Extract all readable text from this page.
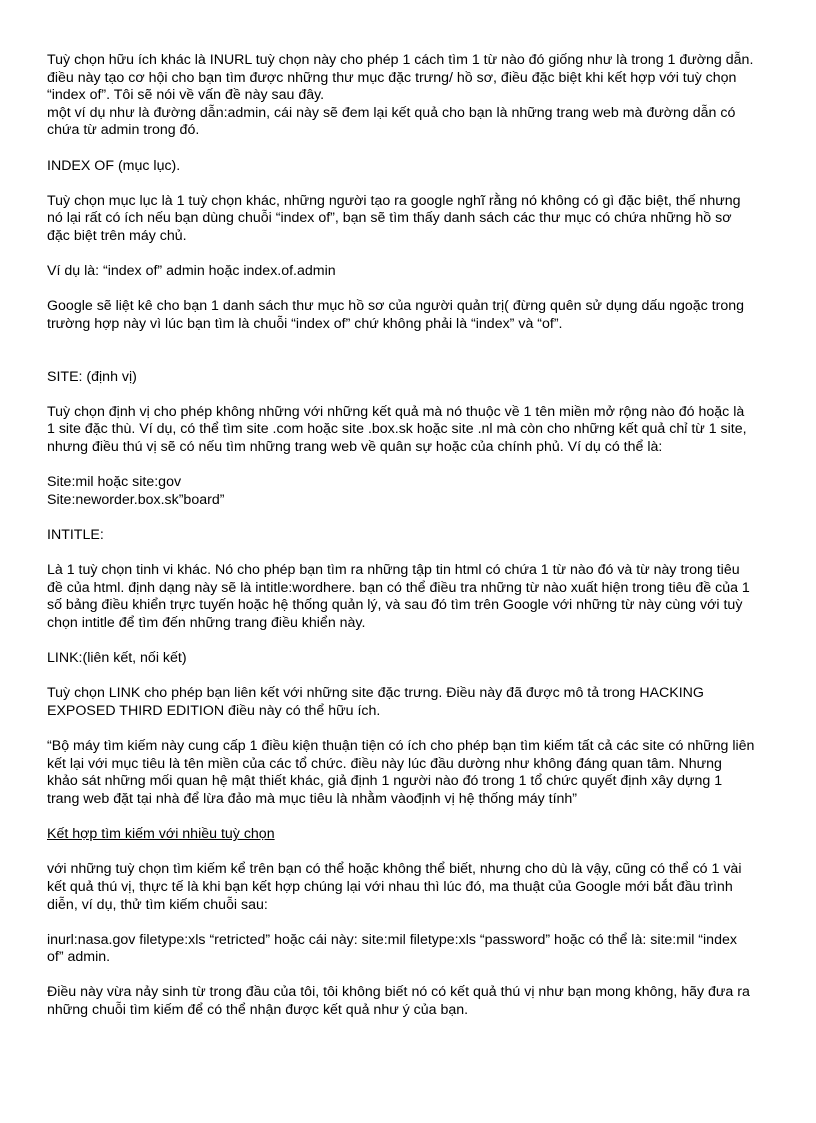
Tuỳ chọn hữu ích khác là INURL tuỳ chọn này cho phép 1 cách tìm 1 từ nào đó giống như là trong 1 đường dẫn.
điều này tạo cơ hội cho bạn tìm được những thư mục đặc trưng/ hồ sơ, điều đặc biệt khi kết hợp với tuỳ chọn
“index of”. Tôi sẽ nói về vấn đề này sau đây.
một ví dụ như là đường dẫn:admin, cái này sẽ đem lại kết quả cho bạn là những trang web mà đường dẫn có
chứa từ admin trong đó.

INDEX OF (mục lục).

Tuỳ chọn mục lục là 1 tuỳ chọn khác, những người tạo ra google nghĩ rằng nó không có gì đặc biệt, thế nhưng
nó lại rất có ích nếu bạn dùng chuỗi “index of”, bạn sẽ tìm thấy danh sách các thư mục có chứa những hồ sơ
đặc biệt trên máy chủ.

Ví dụ là: “index of” admin hoặc index.of.admin

Google sẽ liệt kê cho bạn 1 danh sách thư mục hồ sơ của người quản trị( đừng quên sử dụng dấu ngoặc trong
trường hợp này vì lúc bạn tìm là chuỗi “index of” chứ không phải là “index” và “of”.

SITE: (định vị)

Tuỳ chọn định vị cho phép không những với những kết quả mà nó thuộc về 1 tên miền mở rộng nào đó hoặc là
1 site đặc thù. Ví dụ, có thể tìm site .com hoặc site .box.sk hoặc site .nl mà còn cho những kết quả chỉ từ 1 site,
nhưng điều thú vị sẽ có nếu tìm những trang web về quân sự hoặc của chính phủ. Ví dụ có thể là:

Site:mil hoặc site:gov
Site:neworder.box.sk”board”

INTITLE:

Là 1 tuỳ chọn tinh vi khác. Nó cho phép bạn tìm ra những tập tin html có chứa 1 từ nào đó và từ này trong tiêu
đề của html. định dạng này sẽ là intitle:wordhere. bạn có thể điều tra những từ nào xuất hiện trong tiêu đề của 1
số bảng điều khiển trực tuyến hoặc hệ thống quản lý, và sau đó tìm trên Google với những từ này cùng với tuỳ
chọn intitle để tìm đến những trang điều khiển này.

LINK:(liên kết, nối kết)

Tuỳ chọn LINK cho phép bạn liên kết với những site đặc trưng. Điều này đã được mô tả trong HACKING
EXPOSED THIRD EDITION điều này có thể hữu ích.

“Bộ máy tìm kiếm này cung cấp 1 điều kiện thuận tiện có ích cho phép bạn tìm kiếm tất cả các site có những liên
kết lại với mục tiêu là tên miền của các tổ chức. điều này lúc đầu dường như không đáng quan tâm. Nhưng
khảo sát những mối quan hệ mật thiết khác, giả định 1 người nào đó trong 1 tổ chức quyết định xây dựng 1
trang web đặt tại nhà để lừa đảo mà mục tiêu là nhằm vàođịnh vị hệ thống máy tính”

Kết hợp tìm kiếm với nhiều tuỳ chọn

với những tuỳ chọn tìm kiếm kể trên bạn có thể hoặc không thể biết, nhưng cho dù là vậy, cũng có thể có 1 vài
kết quả thú vị, thực tế là khi bạn kết hợp chúng lại với nhau thì lúc đó, ma thuật của Google mới bắt đầu trình
diễn, ví dụ, thử tìm kiếm chuỗi sau:

inurl:nasa.gov filetype:xls “retricted” hoặc cái này: site:mil filetype:xls “password” hoặc có thể là: site:mil “index
of” admin.

Điều này vừa nảy sinh từ trong đầu của tôi, tôi không biết nó có kết quả thú vị như bạn mong không, hãy đưa ra
những chuỗi tìm kiếm để có thể nhận được kết quả như ý của bạn.
